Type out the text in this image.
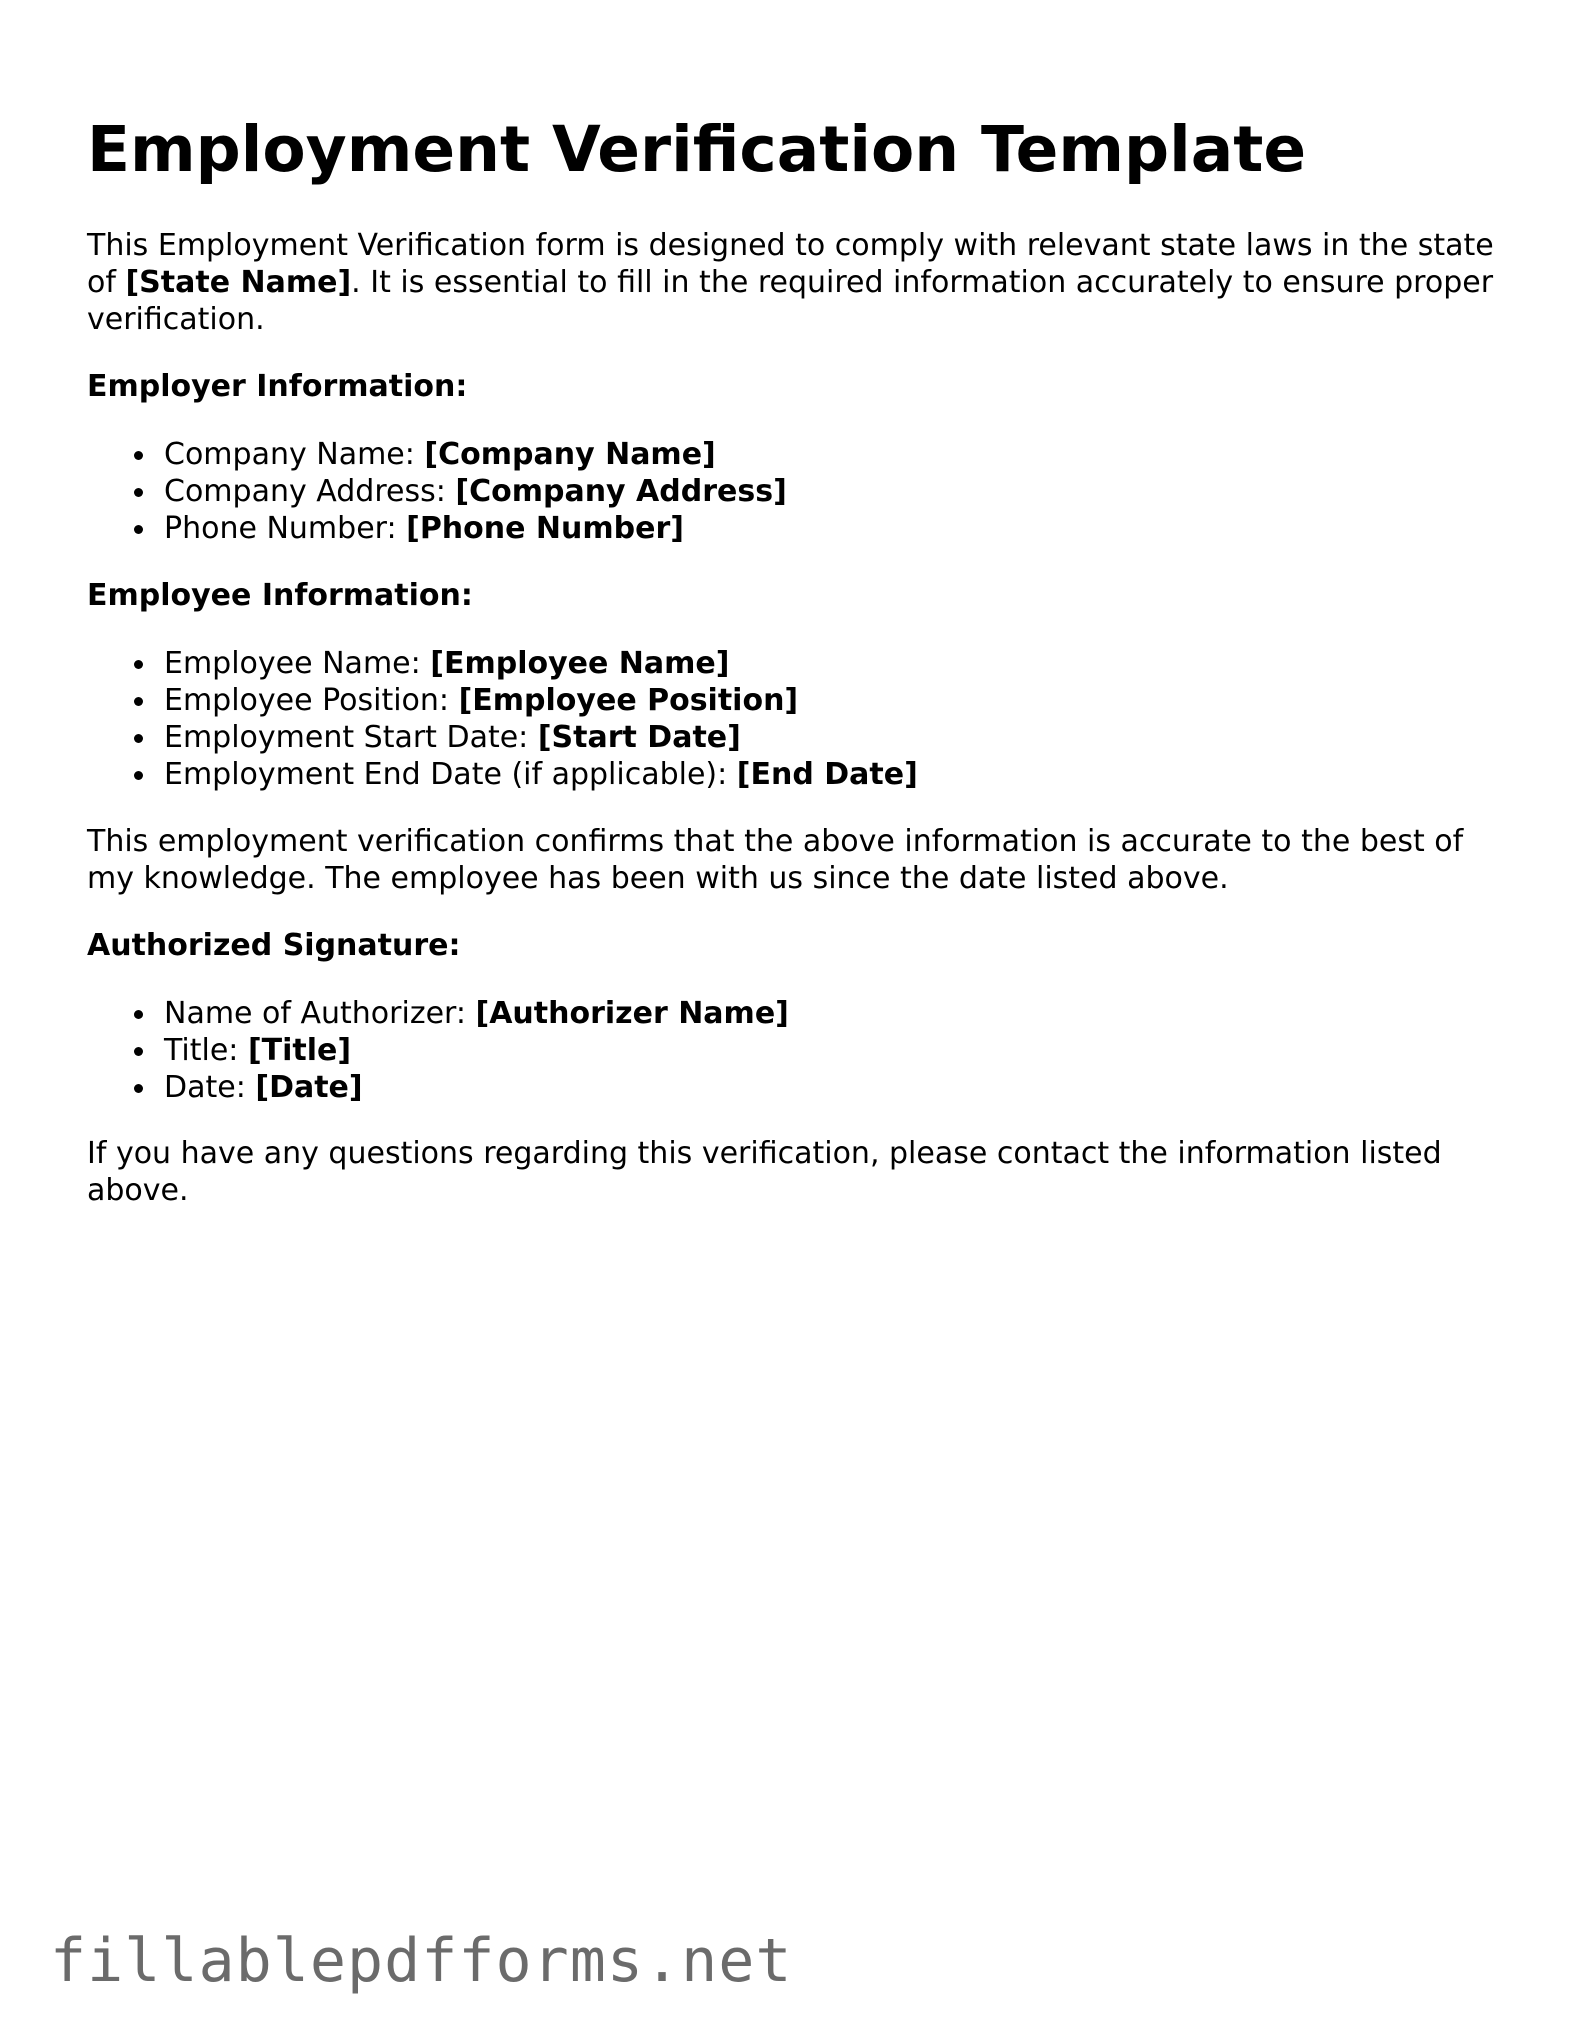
Employment Verification Template

This Employment Verification form is designed to comply with relevant state laws in the state of [State Name]. It is essential to fill in the required information accurately to ensure proper verification.

Employer Information:

Company Name: [Company Name]
Company Address: [Company Address]
Phone Number: [Phone Number]

Employee Information:

Employee Name: [Employee Name]
Employee Position: [Employee Position]
Employment Start Date: [Start Date]
Employment End Date (if applicable): [End Date]

This employment verification confirms that the above information is accurate to the best of my knowledge. The employee has been with us since the date listed above.

Authorized Signature:

Name of Authorizer: [Authorizer Name]
Title: [Title]
Date: [Date]

If you have any questions regarding this verification, please contact the information listed above.

fillablepdfforms.net
